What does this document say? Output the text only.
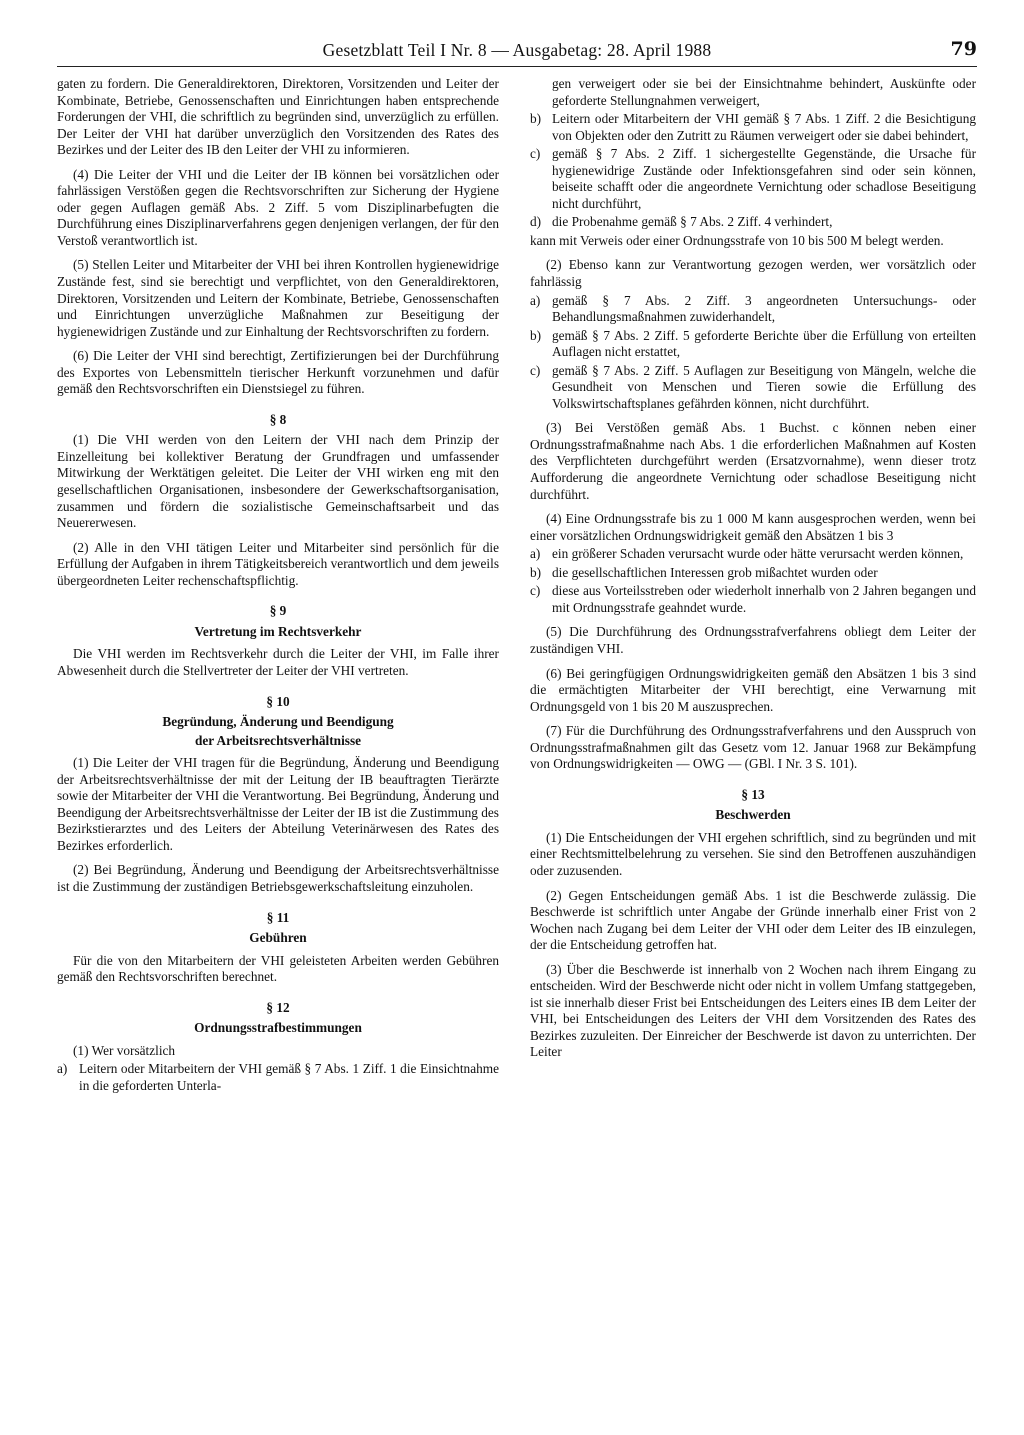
Gesetzblatt Teil I Nr. 8 — Ausgabetag: 28. April 1988	79

gaten zu fordern. Die Generaldirektoren, Direktoren, Vorsitzenden und Leiter der Kombinate, Betriebe, Genossenschaften und Einrichtungen haben entsprechende Forderungen der VHI, die schriftlich zu begründen sind, unverzüglich zu erfüllen. Der Leiter der VHI hat darüber unverzüglich den Vorsitzenden des Rates des Bezirkes und der Leiter des IB den Leiter der VHI zu informieren.

(4) Die Leiter der VHI und die Leiter der IB können bei vorsätzlichen oder fahrlässigen Verstößen gegen die Rechtsvorschriften zur Sicherung der Hygiene oder gegen Auflagen gemäß Abs. 2 Ziff. 5 vom Disziplinarbefugten die Durchführung eines Disziplinarverfahrens gegen denjenigen verlangen, der für den Verstoß verantwortlich ist.

(5) Stellen Leiter und Mitarbeiter der VHI bei ihren Kontrollen hygienewidrige Zustände fest, sind sie berechtigt und verpflichtet, von den Generaldirektoren, Direktoren, Vorsitzenden und Leitern der Kombinate, Betriebe, Genossenschaften und Einrichtungen unverzügliche Maßnahmen zur Beseitigung der hygienewidrigen Zustände und zur Einhaltung der Rechtsvorschriften zu fordern.

(6) Die Leiter der VHI sind berechtigt, Zertifizierungen bei der Durchführung des Exportes von Lebensmitteln tierischer Herkunft vorzunehmen und dafür gemäß den Rechtsvorschriften ein Dienstsiegel zu führen.

§ 8

(1) Die VHI werden von den Leitern der VHI nach dem Prinzip der Einzelleitung bei kollektiver Beratung der Grundfragen und umfassender Mitwirkung der Werktätigen geleitet. Die Leiter der VHI wirken eng mit den gesellschaftlichen Organisationen, insbesondere der Gewerkschaftsorganisation, zusammen und fördern die sozialistische Gemeinschaftsarbeit und das Neuererwesen.

(2) Alle in den VHI tätigen Leiter und Mitarbeiter sind persönlich für die Erfüllung der Aufgaben in ihrem Tätigkeitsbereich verantwortlich und dem jeweils übergeordneten Leiter rechenschaftspflichtig.

§ 9

Vertretung im Rechtsverkehr

Die VHI werden im Rechtsverkehr durch die Leiter der VHI, im Falle ihrer Abwesenheit durch die Stellvertreter der Leiter der VHI vertreten.

§ 10

Begründung, Änderung und Beendigung

der Arbeitsrechtsverhältnisse

(1) Die Leiter der VHI tragen für die Begründung, Änderung und Beendigung der Arbeitsrechtsverhältnisse der mit der Leitung der IB beauftragten Tierärzte sowie der Mitarbeiter der VHI die Verantwortung. Bei Begründung, Änderung und Beendigung der Arbeitsrechtsverhältnisse der Leiter der IB ist die Zustimmung des Bezirkstierarztes und des Leiters der Abteilung Veterinärwesen des Rates des Bezirkes erforderlich.

(2) Bei Begründung, Änderung und Beendigung der Arbeitsrechtsverhältnisse ist die Zustimmung der zuständigen Betriebsgewerkschaftsleitung einzuholen.

§ 11

Gebühren

Für die von den Mitarbeitern der VHI geleisteten Arbeiten werden Gebühren gemäß den Rechtsvorschriften berechnet.

§ 12

Ordnungsstrafbestimmungen

(1) Wer vorsätzlich

a) Leitern oder Mitarbeitern der VHI gemäß § 7 Abs. 1 Ziff. 1 die Einsichtnahme in die geforderten Unterla-
gen verweigert oder sie bei der Einsichtnahme behindert, Auskünfte oder geforderte Stellungnahmen verweigert,
b) Leitern oder Mitarbeitern der VHI gemäß § 7 Abs. 1 Ziff. 2 die Besichtigung von Objekten oder den Zutritt zu Räumen verweigert oder sie dabei behindert,
c) gemäß § 7 Abs. 2 Ziff. 1 sichergestellte Gegenstände, die Ursache für hygienewidrige Zustände oder Infektionsgefahren sind oder sein können, beiseite schafft oder die angeordnete Vernichtung oder schadlose Beseitigung nicht durchführt,
d) die Probenahme gemäß § 7 Abs. 2 Ziff. 4 verhindert,

kann mit Verweis oder einer Ordnungsstrafe von 10 bis 500 M belegt werden.

(2) Ebenso kann zur Verantwortung gezogen werden, wer vorsätzlich oder fahrlässig

a) gemäß § 7 Abs. 2 Ziff. 3 angeordneten Untersuchungs- oder Behandlungsmaßnahmen zuwiderhandelt,
b) gemäß § 7 Abs. 2 Ziff. 5 geforderte Berichte über die Erfüllung von erteilten Auflagen nicht erstattet,
c) gemäß § 7 Abs. 2 Ziff. 5 Auflagen zur Beseitigung von Mängeln, welche die Gesundheit von Menschen und Tieren sowie die Erfüllung des Volkswirtschaftsplanes gefährden können, nicht durchführt.

(3) Bei Verstößen gemäß Abs. 1 Buchst. c können neben einer Ordnungsstrafmaßnahme nach Abs. 1 die erforderlichen Maßnahmen auf Kosten des Verpflichteten durchgeführt werden (Ersatzvornahme), wenn dieser trotz Aufforderung die angeordnete Vernichtung oder schadlose Beseitigung nicht durchführt.

(4) Eine Ordnungsstrafe bis zu 1 000 M kann ausgesprochen werden, wenn bei einer vorsätzlichen Ordnungswidrigkeit gemäß den Absätzen 1 bis 3

a) ein größerer Schaden verursacht wurde oder hätte verursacht werden können,
b) die gesellschaftlichen Interessen grob mißachtet wurden oder
c) diese aus Vorteilsstreben oder wiederholt innerhalb von 2 Jahren begangen und mit Ordnungsstrafe geahndet wurde.

(5) Die Durchführung des Ordnungsstrafverfahrens obliegt dem Leiter der zuständigen VHI.

(6) Bei geringfügigen Ordnungswidrigkeiten gemäß den Absätzen 1 bis 3 sind die ermächtigten Mitarbeiter der VHI berechtigt, eine Verwarnung mit Ordnungsgeld von 1 bis 20 M auszusprechen.

(7) Für die Durchführung des Ordnungsstrafverfahrens und den Ausspruch von Ordnungsstrafmaßnahmen gilt das Gesetz vom 12. Januar 1968 zur Bekämpfung von Ordnungswidrigkeiten — OWG — (GBl. I Nr. 3 S. 101).

§ 13

Beschwerden

(1) Die Entscheidungen der VHI ergehen schriftlich, sind zu begründen und mit einer Rechtsmittelbelehrung zu versehen. Sie sind den Betroffenen auszuhändigen oder zuzusenden.

(2) Gegen Entscheidungen gemäß Abs. 1 ist die Beschwerde zulässig. Die Beschwerde ist schriftlich unter Angabe der Gründe innerhalb einer Frist von 2 Wochen nach Zugang bei dem Leiter der VHI oder dem Leiter des IB einzulegen, der die Entscheidung getroffen hat.

(3) Über die Beschwerde ist innerhalb von 2 Wochen nach ihrem Eingang zu entscheiden. Wird der Beschwerde nicht oder nicht in vollem Umfang stattgegeben, ist sie innerhalb dieser Frist bei Entscheidungen des Leiters eines IB dem Leiter der VHI, bei Entscheidungen des Leiters der VHI dem Vorsitzenden des Rates des Bezirkes zuzuleiten. Der Einreicher der Beschwerde ist davon zu unterrichten. Der Leiter
